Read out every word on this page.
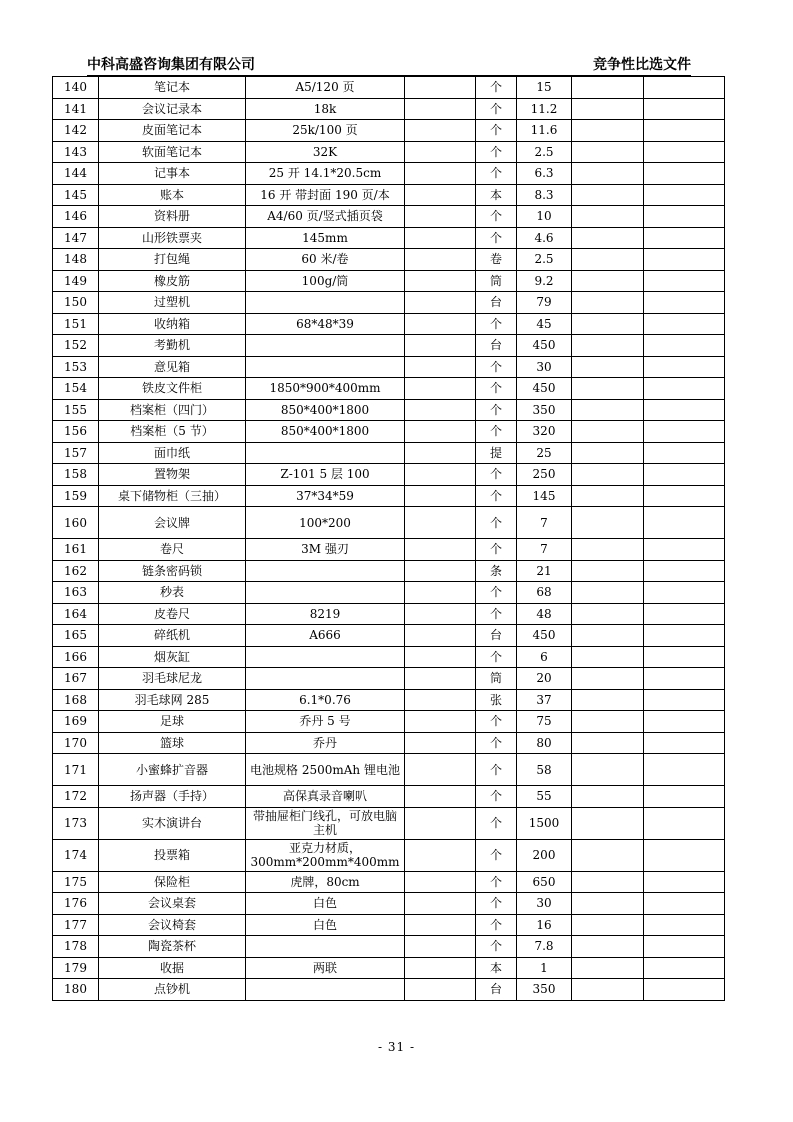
中科高盛咨询集团有限公司	竞争性比选文件
140	笔记本	A5/120 页		个	15		
141	会议记录本	18k		个	11.2		
142	皮面笔记本	25k/100 页		个	11.6		
143	软面笔记本	32K		个	2.5		
144	记事本	25 开 14.1*20.5cm		个	6.3		
145	账本	16 开 带封面 190 页/本		本	8.3		
146	资料册	A4/60 页/竖式插页袋		个	10		
147	山形铁票夹	145mm		个	4.6		
148	打包绳	60 米/卷		卷	2.5		
149	橡皮筋	100g/筒		筒	9.2		
150	过塑机			台	79		
151	收纳箱	68*48*39		个	45		
152	考勤机			台	450		
153	意见箱			个	30		
154	铁皮文件柜	1850*900*400mm		个	450		
155	档案柜（四门）	850*400*1800		个	350		
156	档案柜（5 节）	850*400*1800		个	320		
157	面巾纸			提	25		
158	置物架	Z-101 5 层 100		个	250		
159	桌下储物柜（三抽）	37*34*59		个	145		
160	会议牌	100*200		个	7		
161	卷尺	3M 强刃		个	7		
162	链条密码锁			条	21		
163	秒表			个	68		
164	皮卷尺	8219		个	48		
165	碎纸机	A666		台	450		
166	烟灰缸			个	6		
167	羽毛球尼龙			筒	20		
168	羽毛球网 285	6.1*0.76		张	37		
169	足球	乔丹 5 号		个	75		
170	篮球	乔丹		个	80		
171	小蜜蜂扩音器	电池规格 2500mAh 锂电池		个	58		
172	扬声器（手持）	高保真录音喇叭		个	55		
173	实木演讲台	带抽屉柜门线孔，可放电脑主机		个	1500		
174	投票箱	亚克力材质，300mm*200mm*400mm		个	200		
175	保险柜	虎牌，80cm		个	650		
176	会议桌套	白色		个	30		
177	会议椅套	白色		个	16		
178	陶瓷茶杯			个	7.8		
179	收据	两联		本	1		
180	点钞机			台	350		
- 31 -
